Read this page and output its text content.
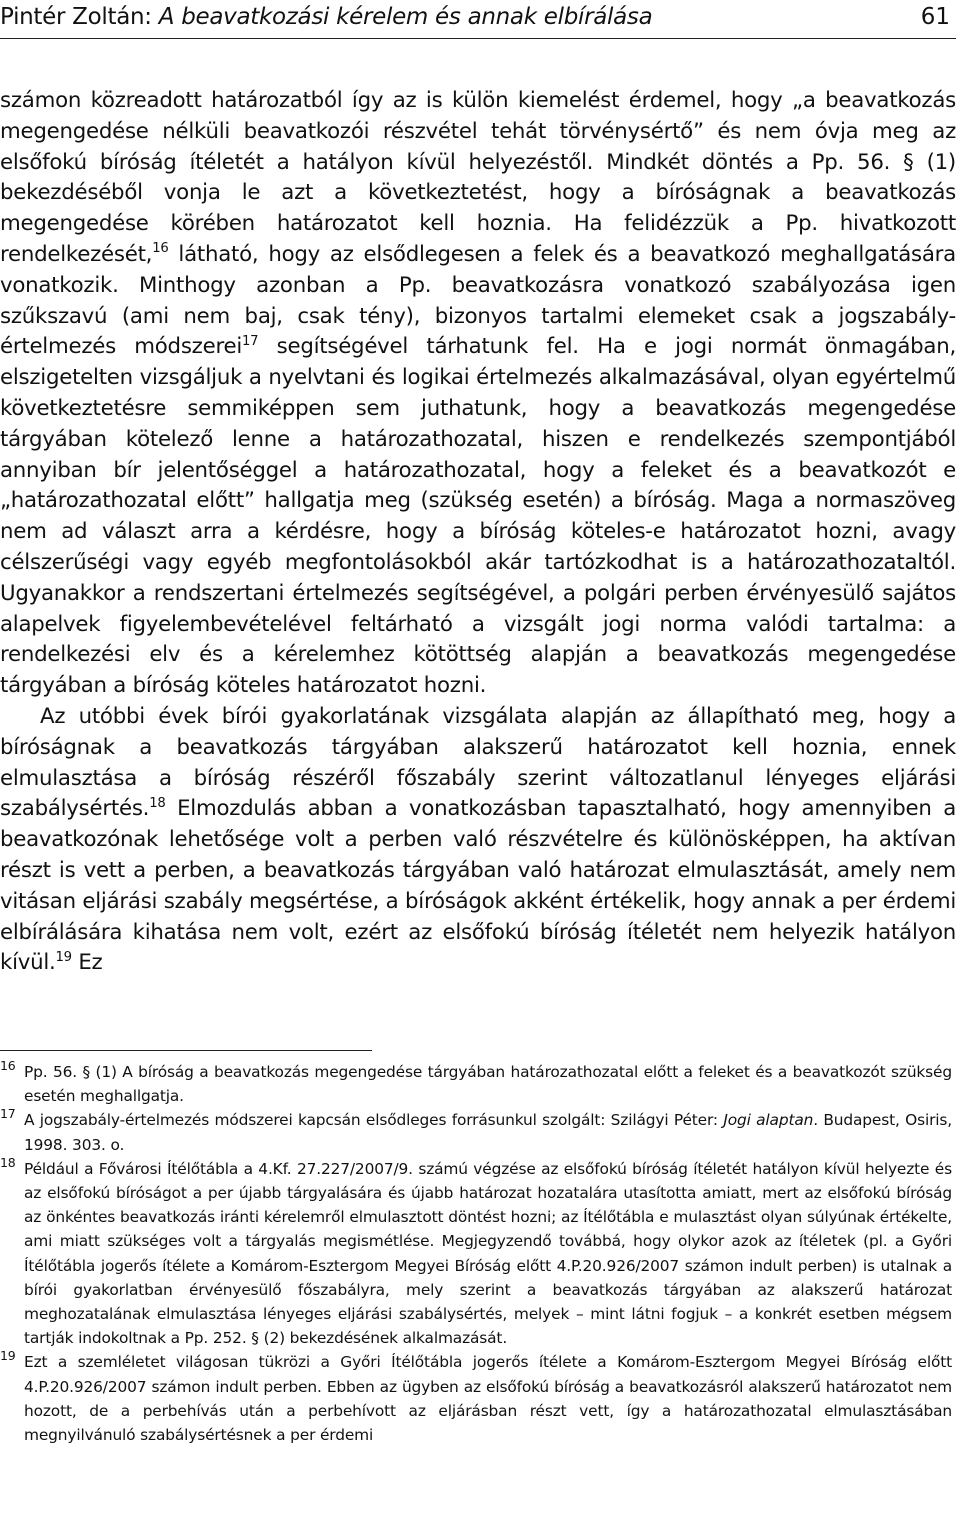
Pintér Zoltán: A beavatkozási kérelem és annak elbírálása	61

számon közreadott határozatból így az is külön kiemelést érdemel, hogy „a beavatkozás megengedése nélküli beavatkozói részvétel tehát törvénysértő” és nem óvja meg az elsőfokú bíróság ítéletét a hatályon kívül helyezéstől. Mindkét döntés a Pp. 56. § (1) bekezdéséből vonja le azt a következtetést, hogy a bíróságnak a beavatkozás megengedése körében határozatot kell hoznia. Ha felidézzük a Pp. hivatkozott rendelkezését,$^{16}$ látható, hogy az elsődlegesen a felek és a beavatkozó meghallgatására vonatkozik. Minthogy azonban a Pp. beavatkozásra vonatkozó szabályozása igen szűkszavú (ami nem baj, csak tény), bizonyos tartalmi elemeket csak a jogszabály-értelmezés módszerei$^{17}$ segítségével tárhatunk fel. Ha e jogi normát önmagában, elszigetelten vizsgáljuk a nyelvtani és logikai értelmezés alkalmazásával, olyan egyértelmű következtetésre semmiképpen sem juthatunk, hogy a beavatkozás megengedése tárgyában kötelező lenne a határozathozatal, hiszen e rendelkezés szempontjából annyiban bír jelentőséggel a határozathozatal, hogy a feleket és a beavatkozót e „határozathozatal előtt” hallgatja meg (szükség esetén) a bíróság. Maga a normaszöveg nem ad választ arra a kérdésre, hogy a bíróság köteles-e határozatot hozni, avagy célszerűségi vagy egyéb megfontolásokból akár tartózkodhat is a határozathozataltól. Ugyanakkor a rendszertani értelmezés segítségével, a polgári perben érvényesülő sajátos alapelvek figyelembevételével feltárható a vizsgált jogi norma valódi tartalma: a rendelkezési elv és a kérelemhez kötöttség alapján a beavatkozás megengedése tárgyában a bíróság köteles határozatot hozni.

Az utóbbi évek bírói gyakorlatának vizsgálata alapján az állapítható meg, hogy a bíróságnak a beavatkozás tárgyában alakszerű határozatot kell hoznia, ennek elmulasztása a bíróság részéről főszabály szerint változatlanul lényeges eljárási szabálysértés.$^{18}$ Elmozdulás abban a vonatkozásban tapasztalható, hogy amennyiben a beavatkozónak lehetősége volt a perben való részvételre és különösképpen, ha aktívan részt is vett a perben, a beavatkozás tárgyában való határozat elmulasztását, amely nem vitásan eljárási szabály megsértése, a bíróságok akként értékelik, hogy annak a per érdemi elbírálására kihatása nem volt, ezért az elsőfokú bíróság ítéletét nem helyezik hatályon kívül.$^{19}$ Ez

16 Pp. 56. § (1) A bíróság a beavatkozás megengedése tárgyában határozathozatal előtt a feleket és a beavatkozót szükség esetén meghallgatja.
17 A jogszabály-értelmezés módszerei kapcsán elsődleges forrásunkul szolgált: Szilágyi Péter: Jogi alaptan. Budapest, Osiris, 1998. 303. o.
18 Például a Fővárosi Ítélőtábla a 4.Kf. 27.227/2007/9. számú végzése az elsőfokú bíróság ítéletét hatályon kívül helyezte és az elsőfokú bíróságot a per újabb tárgyalására és újabb határozat hozatalára utasította amiatt, mert az elsőfokú bíróság az önkéntes beavatkozás iránti kérelemről elmulasztott döntést hozni; az Ítélőtábla e mulasztást olyan súlyúnak értékelte, ami miatt szükséges volt a tárgyalás megismétlése. Megjegyzendő továbbá, hogy olykor azok az ítéletek (pl. a Győri Ítélőtábla jogerős ítélete a Komárom-Esztergom Megyei Bíróság előtt 4.P.20.926/2007 számon indult perben) is utalnak a bírói gyakorlatban érvényesülő főszabályra, mely szerint a beavatkozás tárgyában az alakszerű határozat meghozatalának elmulasztása lényeges eljárási szabálysértés, melyek – mint látni fogjuk – a konkrét esetben mégsem tartják indokoltnak a Pp. 252. § (2) bekezdésének alkalmazását.
19 Ezt a szemléletet világosan tükrözi a Győri Ítélőtábla jogerős ítélete a Komárom-Esztergom Megyei Bíróság előtt 4.P.20.926/2007 számon indult perben. Ebben az ügyben az elsőfokú bíróság a beavatkozásról alakszerű határozatot nem hozott, de a perbehívás után a perbehívott az eljárásban részt vett, így a határozathozatal elmulasztásában megnyilvánuló szabálysértésnek a per érdemi
